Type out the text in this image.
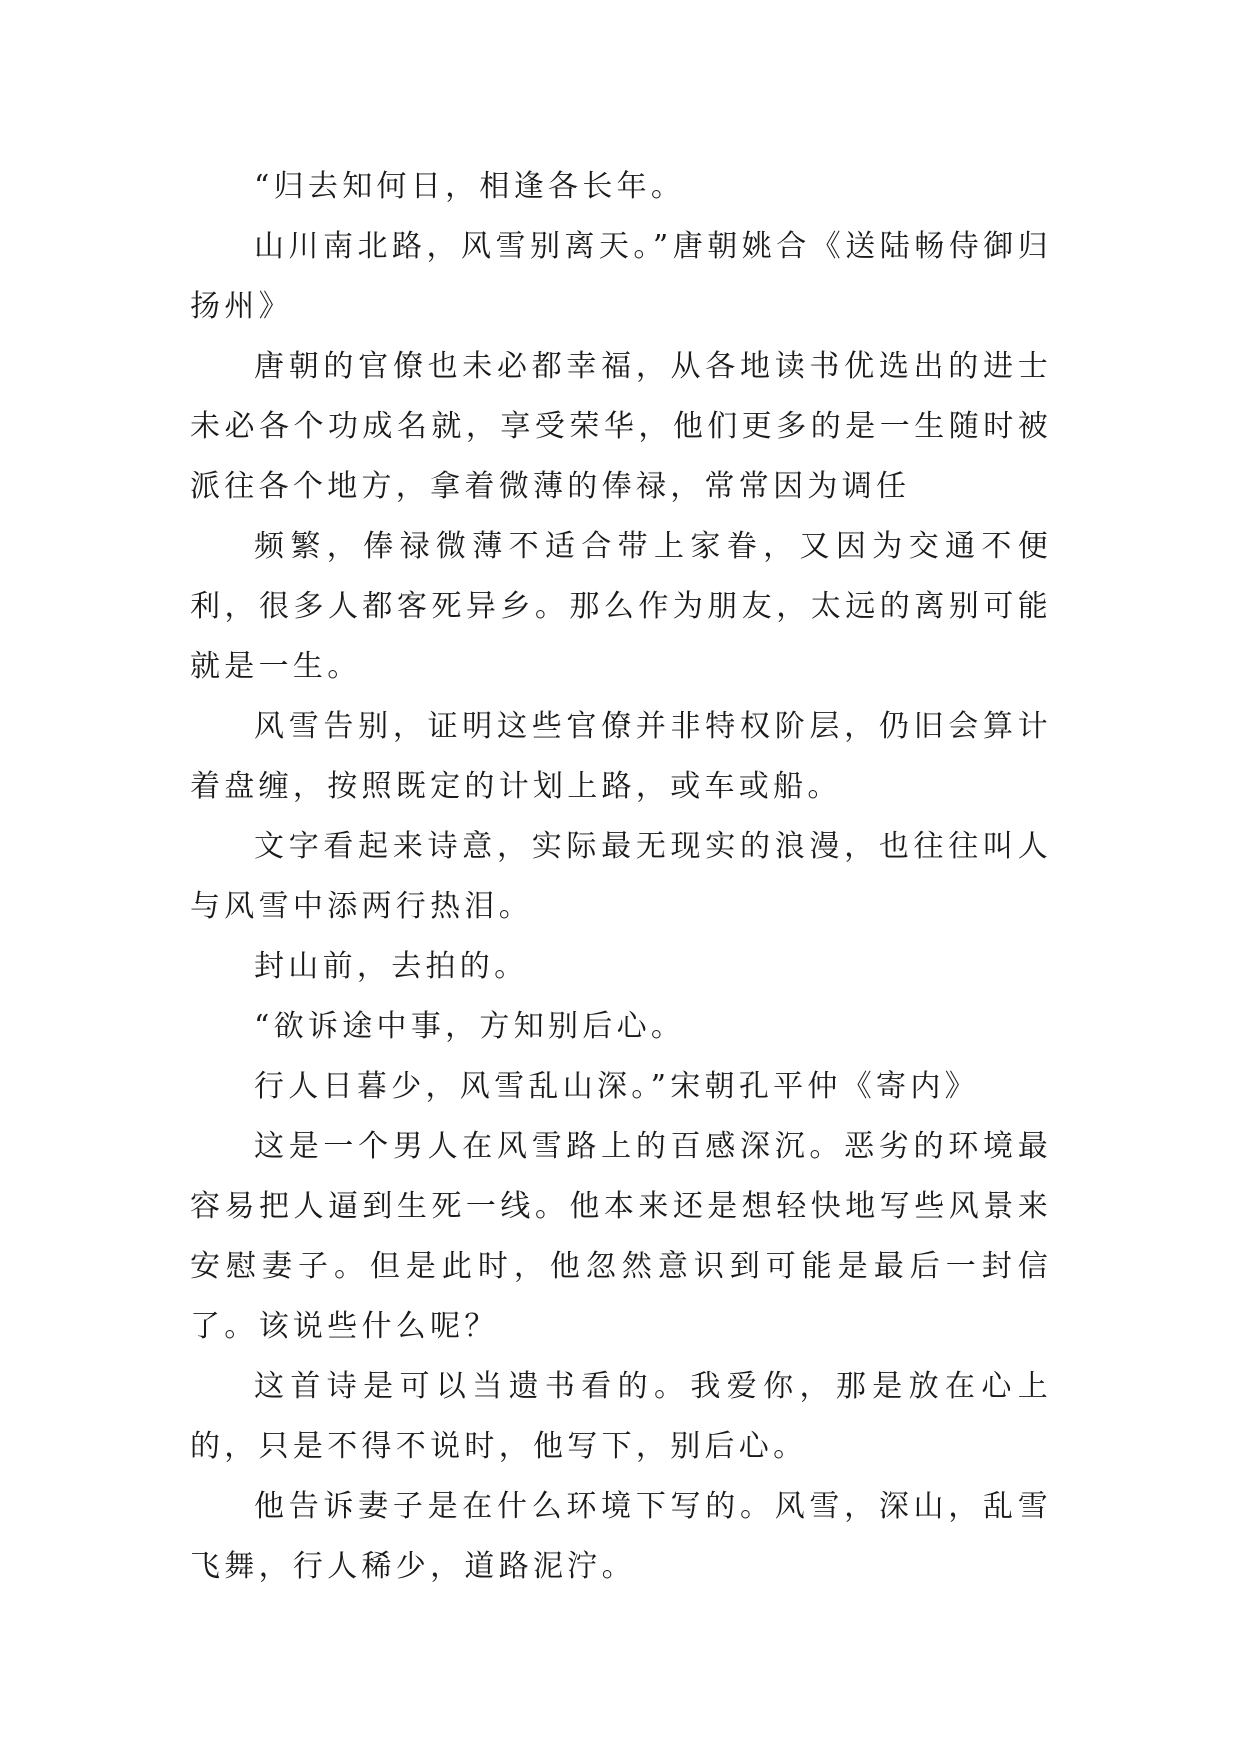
“归去知何日，相逢各长年。

山川南北路，风雪别离天。”唐朝姚合《送陆畅侍御归扬州》

唐朝的官僚也未必都幸福，从各地读书优选出的进士未必各个功成名就，享受荣华，他们更多的是一生随时被派往各个地方，拿着微薄的俸禄，常常因为调任

频繁，俸禄微薄不适合带上家眷，又因为交通不便利，很多人都客死异乡。那么作为朋友，太远的离别可能就是一生。

风雪告别，证明这些官僚并非特权阶层，仍旧会算计着盘缠，按照既定的计划上路，或车或船。

文字看起来诗意，实际最无现实的浪漫，也往往叫人与风雪中添两行热泪。

封山前，去拍的。

“欲诉途中事，方知别后心。

行人日暮少，风雪乱山深。”宋朝孔平仲《寄内》

这是一个男人在风雪路上的百感深沉。恶劣的环境最容易把人逼到生死一线。他本来还是想轻快地写些风景来安慰妻子。但是此时，他忽然意识到可能是最后一封信了。该说些什么呢？

这首诗是可以当遗书看的。我爱你，那是放在心上的，只是不得不说时，他写下，别后心。

他告诉妻子是在什么环境下写的。风雪，深山，乱雪飞舞，行人稀少，道路泥泞。
